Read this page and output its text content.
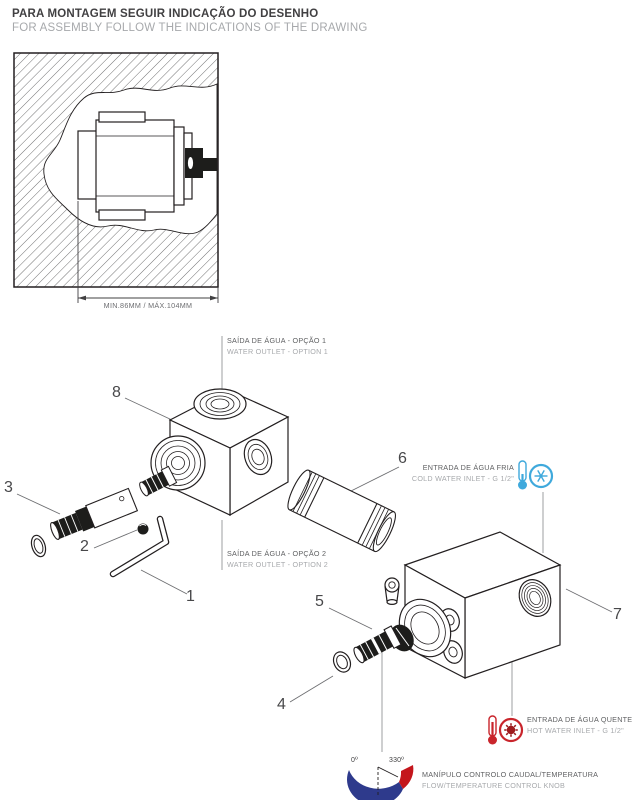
PARA MONTAGEM SEGUIR INDICAÇÃO DO DESENHO
FOR ASSEMBLY FOLLOW THE INDICATIONS OF THE DRAWING
MIN.86MM / MÁX.104MM
SAÍDA DE ÁGUA - OPÇÃO 1
WATER OUTLET - OPTION 1
SAÍDA DE ÁGUA - OPÇÃO 2
WATER OUTLET - OPTION 2
ENTRADA DE ÁGUA FRIA
COLD WATER INLET - G 1/2"
ENTRADA DE ÁGUA QUENTE
HOT WATER INLET - G 1/2"
MANÍPULO CONTROLO CAUDAL/TEMPERATURA
FLOW/TEMPERATURE CONTROL KNOB
0º	330º
1
2
3
4
5
6
7
8
